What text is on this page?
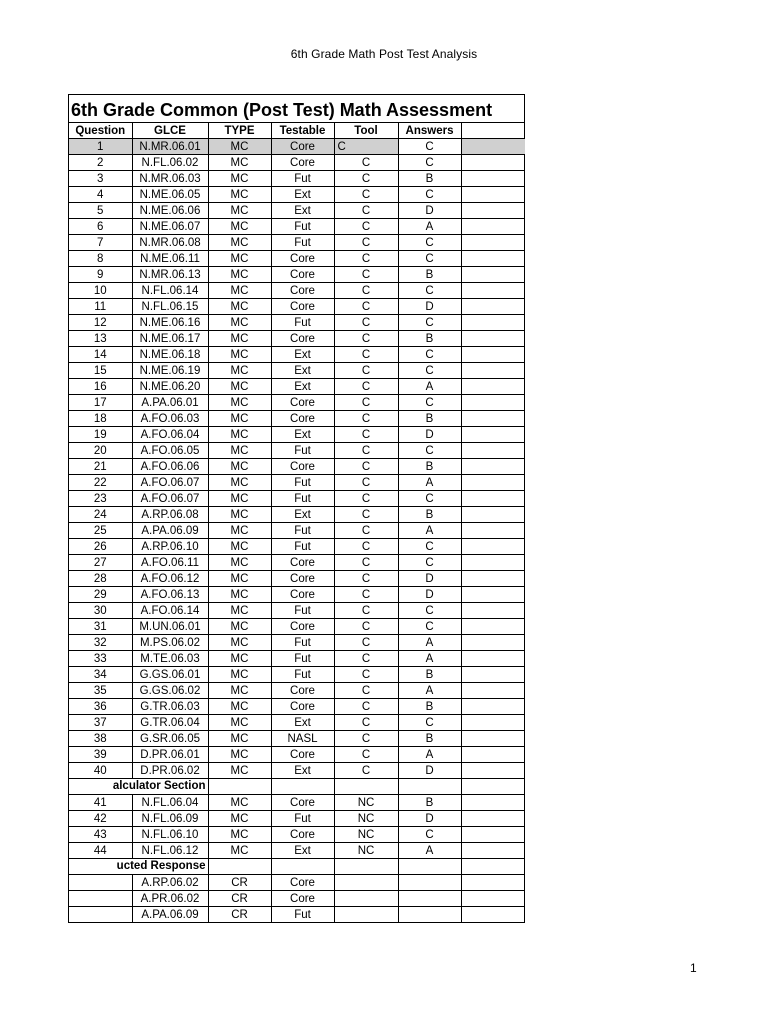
6th Grade Math Post Test Analysis
6th Grade Common (Post Test) Math Assessment
Question	GLCE	TYPE	Testable	Tool	Answers	
1	N.MR.06.01	MC	Core	C	C	
2	N.FL.06.02	MC	Core	C	C	
3	N.MR.06.03	MC	Fut	C	B	
4	N.ME.06.05	MC	Ext	C	C	
5	N.ME.06.06	MC	Ext	C	D	
6	N.ME.06.07	MC	Fut	C	A	
7	N.MR.06.08	MC	Fut	C	C	
8	N.ME.06.11	MC	Core	C	C	
9	N.MR.06.13	MC	Core	C	B	
10	N.FL.06.14	MC	Core	C	C	
11	N.FL.06.15	MC	Core	C	D	
12	N.ME.06.16	MC	Fut	C	C	
13	N.ME.06.17	MC	Core	C	B	
14	N.ME.06.18	MC	Ext	C	C	
15	N.ME.06.19	MC	Ext	C	C	
16	N.ME.06.20	MC	Ext	C	A	
17	A.PA.06.01	MC	Core	C	C	
18	A.FO.06.03	MC	Core	C	B	
19	A.FO.06.04	MC	Ext	C	D	
20	A.FO.06.05	MC	Fut	C	C	
21	A.FO.06.06	MC	Core	C	B	
22	A.FO.06.07	MC	Fut	C	A	
23	A.FO.06.07	MC	Fut	C	C	
24	A.RP.06.08	MC	Ext	C	B	
25	A.PA.06.09	MC	Fut	C	A	
26	A.RP.06.10	MC	Fut	C	C	
27	A.FO.06.11	MC	Core	C	C	
28	A.FO.06.12	MC	Core	C	D	
29	A.FO.06.13	MC	Core	C	D	
30	A.FO.06.14	MC	Fut	C	C	
31	M.UN.06.01	MC	Core	C	C	
32	M.PS.06.02	MC	Fut	C	A	
33	M.TE.06.03	MC	Fut	C	A	
34	G.GS.06.01	MC	Fut	C	B	
35	G.GS.06.02	MC	Core	C	A	
36	G.TR.06.03	MC	Core	C	B	
37	G.TR.06.04	MC	Ext	C	C	
38	G.SR.06.05	MC	NASL	C	B	
39	D.PR.06.01	MC	Core	C	A	
40	D.PR.06.02	MC	Ext	C	D	

alculator Section						

41	N.FL.06.04	MC	Core	NC	B	
42	N.FL.06.09	MC	Fut	NC	D	
43	N.FL.06.10	MC	Core	NC	C	
44	N.FL.06.12	MC	Ext	NC	A	

ucted Response						

	A.RP.06.02	CR	Core			
	A.PR.06.02	CR	Core			
	A.PA.06.09	CR	Fut			
1
